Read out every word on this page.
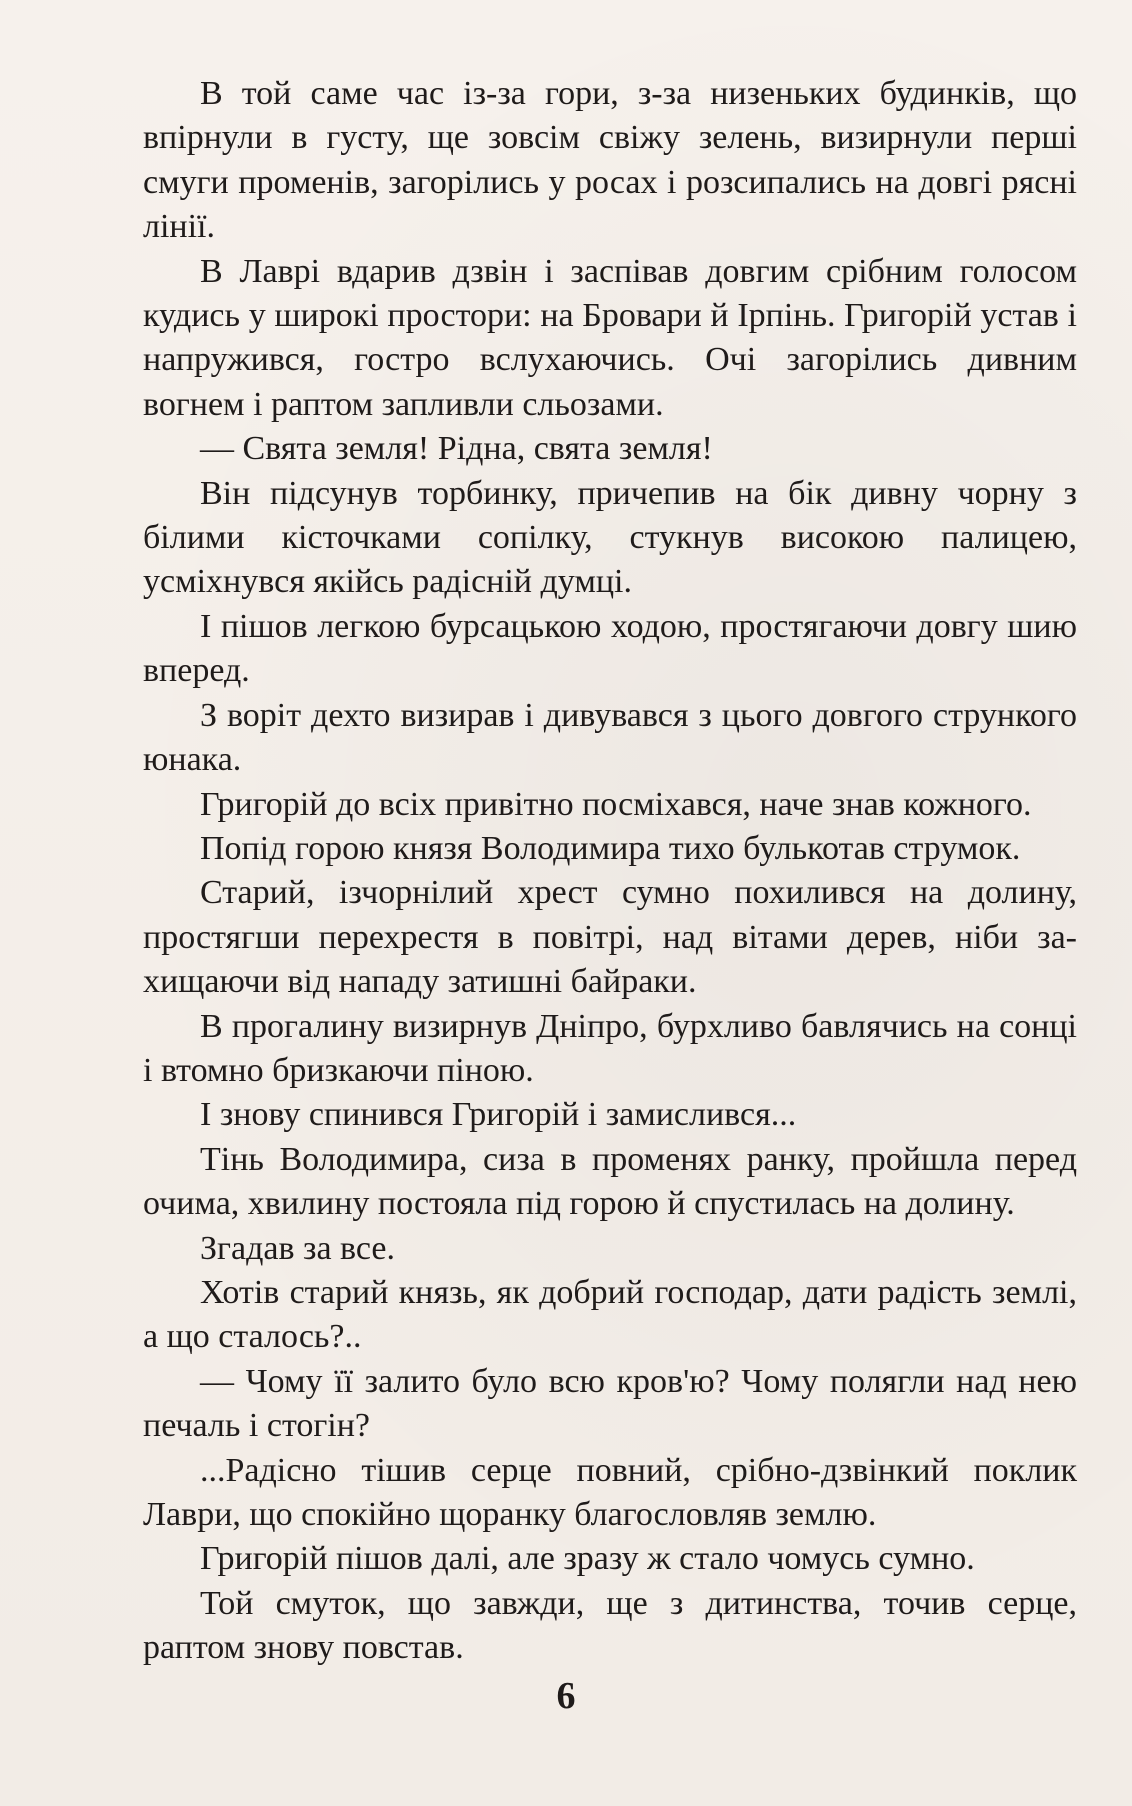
В той самe час із-за гори, з-за низеньких будинків, що впірнули в густу, ще зовсім свіжу зелень, визирнули перші смуги променів, загорілись у росах і розсипались на довгі рясні лінії.

В Лаврі вдарив дзвін і заспівав довгим срібним голосом кудись у широкі простори: на Бровари й Ірпінь. Григорій устав і напружився, гостро вслухаючись. Очі загорілись дивним вогнем і раптом запливли сльозами.

— Свята земля! Рідна, свята земля!

Він підсунув торбинку, причепив на бік дивну чорну з білими кісточками сопілку, стукнув високою палицею, усміхнувся якійсь радісній думці.

І пішов легкою бурсацькою ходою, простягаючи довгу шию вперед.

З воріт дехто визирав і дивувався з цього довгого стрункого юнака.

Григорій до всіх привітно посміхався, наче знав кожного.

Попід горою князя Володимира тихо булькотав струмок.

Старий, ізчорнілий хрест сумно похилився на долину, простягши перехрестя в повітрі, над вітами дерев, ніби захищаючи від нападу затишні байраки.

В прогалину визирнув Дніпро, бурхливо бавлячись на сонці і втомно бризкаючи піною.

І знову спинився Григорій і замислився...

Тінь Володимира, сиза в променях ранку, пройшла перед очима, хвилину постояла під горою й спустилась на долину.

Згадав за все.

Хотів старий князь, як добрий господар, дати радість землі, а що сталось?..

— Чому її залито було всю кров'ю? Чому полягли над нею печаль і стогін?

...Радісно тішив серце повний, срібно-дзвінкий поклик Лаври, що спокійно щоранку благословляв землю.

Григорій пішов далі, але зразу ж стало чомусь сумно.

Той смуток, що завжди, ще з дитинства, точив серце, раптом знову повстав.

6
